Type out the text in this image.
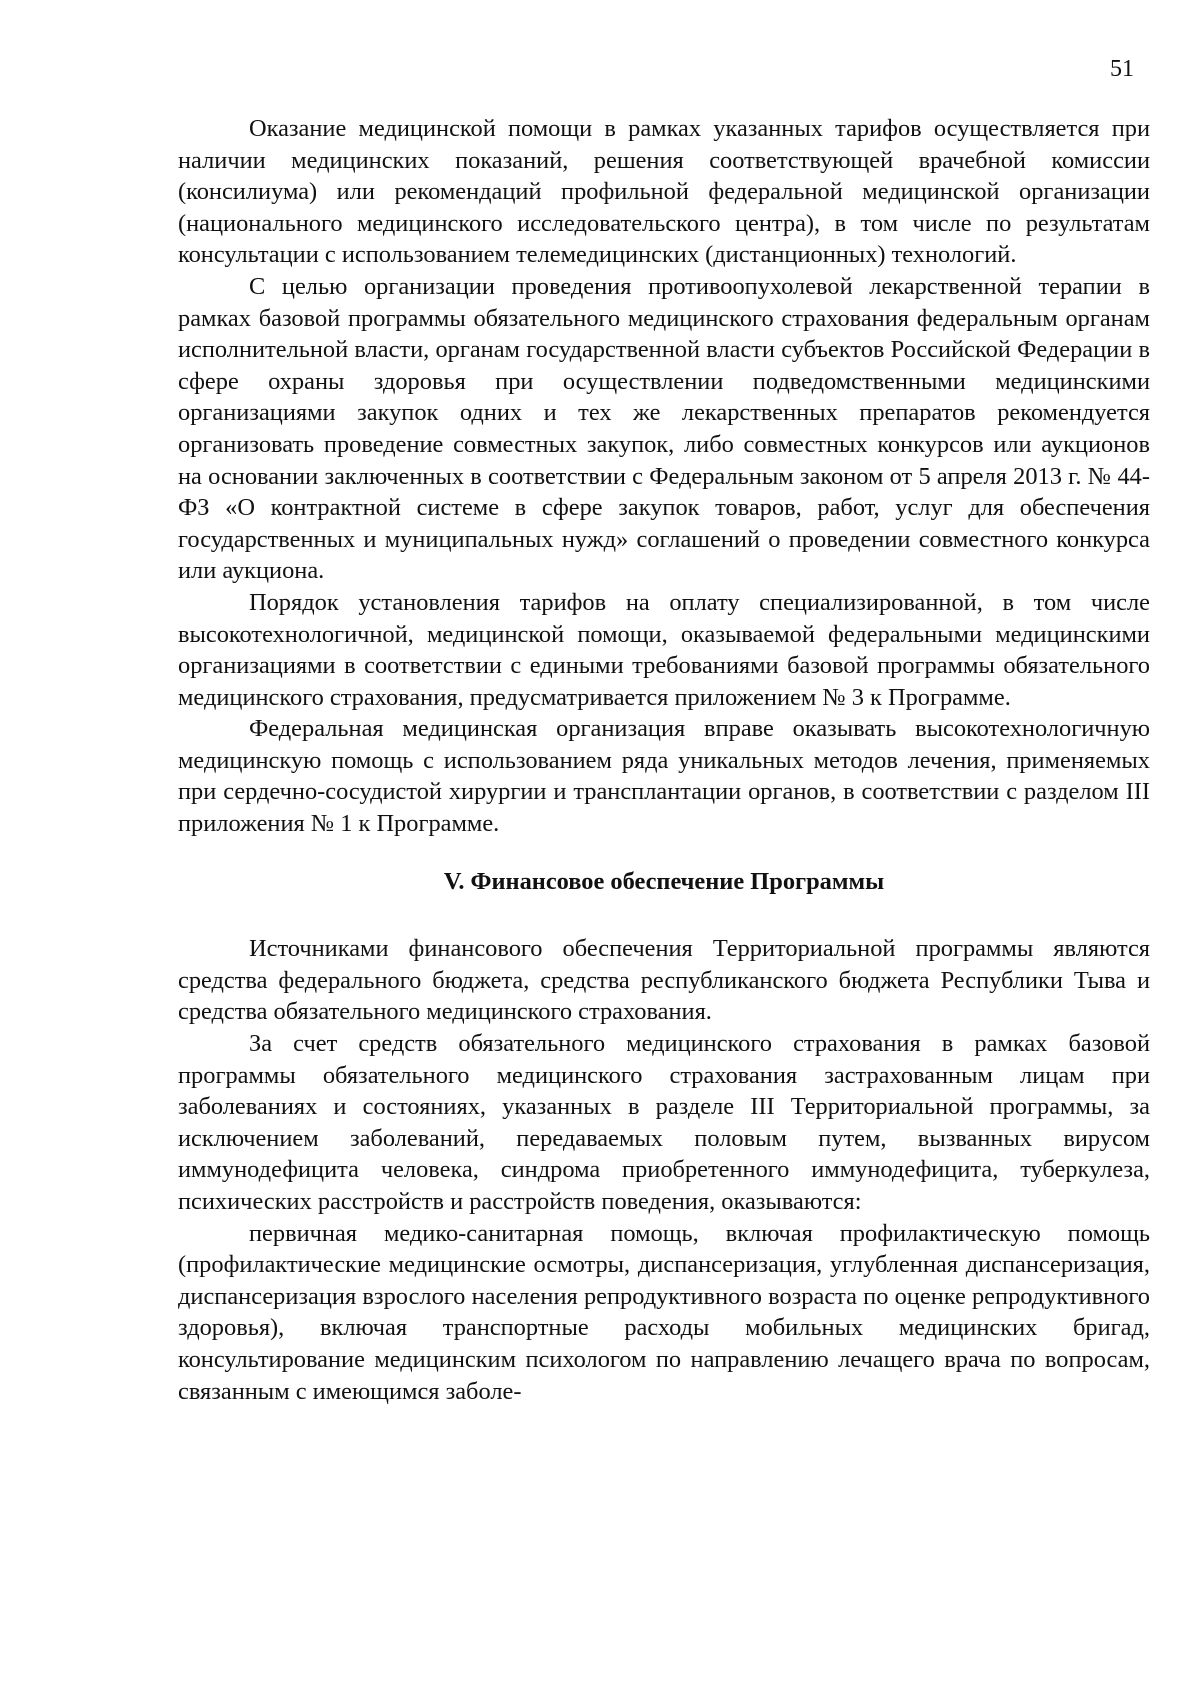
51

Оказание медицинской помощи в рамках указанных тарифов осуществляется при наличии медицинских показаний, решения соответствующей врачебной комиссии (консилиума) или рекомендаций профильной федеральной медицинской организации (национального медицинского исследовательского центра), в том числе по результатам консультации с использованием телемедицинских (дистанционных) технологий.

С целью организации проведения противоопухолевой лекарственной терапии в рамках базовой программы обязательного медицинского страхования федеральным органам исполнительной власти, органам государственной власти субъектов Российской Федерации в сфере охраны здоровья при осуществлении подведомственными медицинскими организациями закупок одних и тех же лекарственных препаратов рекомендуется организовать проведение совместных закупок, либо совместных конкурсов или аукционов на основании заключенных в соответствии с Федеральным законом от 5 апреля 2013 г. № 44-ФЗ «О контрактной системе в сфере закупок товаров, работ, услуг для обеспечения государственных и муниципальных нужд» соглашений о проведении совместного конкурса или аукциона.

Порядок установления тарифов на оплату специализированной, в том числе высокотехнологичной, медицинской помощи, оказываемой федеральными медицинскими организациями в соответствии с едиными требованиями базовой программы обязательного медицинского страхования, предусматривается приложением № 3 к Программе.

Федеральная медицинская организация вправе оказывать высокотехнологичную медицинскую помощь с использованием ряда уникальных методов лечения, применяемых при сердечно-сосудистой хирургии и трансплантации органов, в соответствии с разделом III приложения № 1 к Программе.

V. Финансовое обеспечение Программы

Источниками финансового обеспечения Территориальной программы являются средства федерального бюджета, средства республиканского бюджета Республики Тыва и средства обязательного медицинского страхования.

За счет средств обязательного медицинского страхования в рамках базовой программы обязательного медицинского страхования застрахованным лицам при заболеваниях и состояниях, указанных в разделе III Территориальной программы, за исключением заболеваний, передаваемых половым путем, вызванных вирусом иммунодефицита человека, синдрома приобретенного иммунодефицита, туберкулеза, психических расстройств и расстройств поведения, оказываются:

первичная медико-санитарная помощь, включая профилактическую помощь (профилактические медицинские осмотры, диспансеризация, углубленная диспансеризация, диспансеризация взрослого населения репродуктивного возраста по оценке репродуктивного здоровья), включая транспортные расходы мобильных медицинских бригад, консультирование медицинским психологом по направлению лечащего врача по вопросам, связанным с имеющимся заболе-
